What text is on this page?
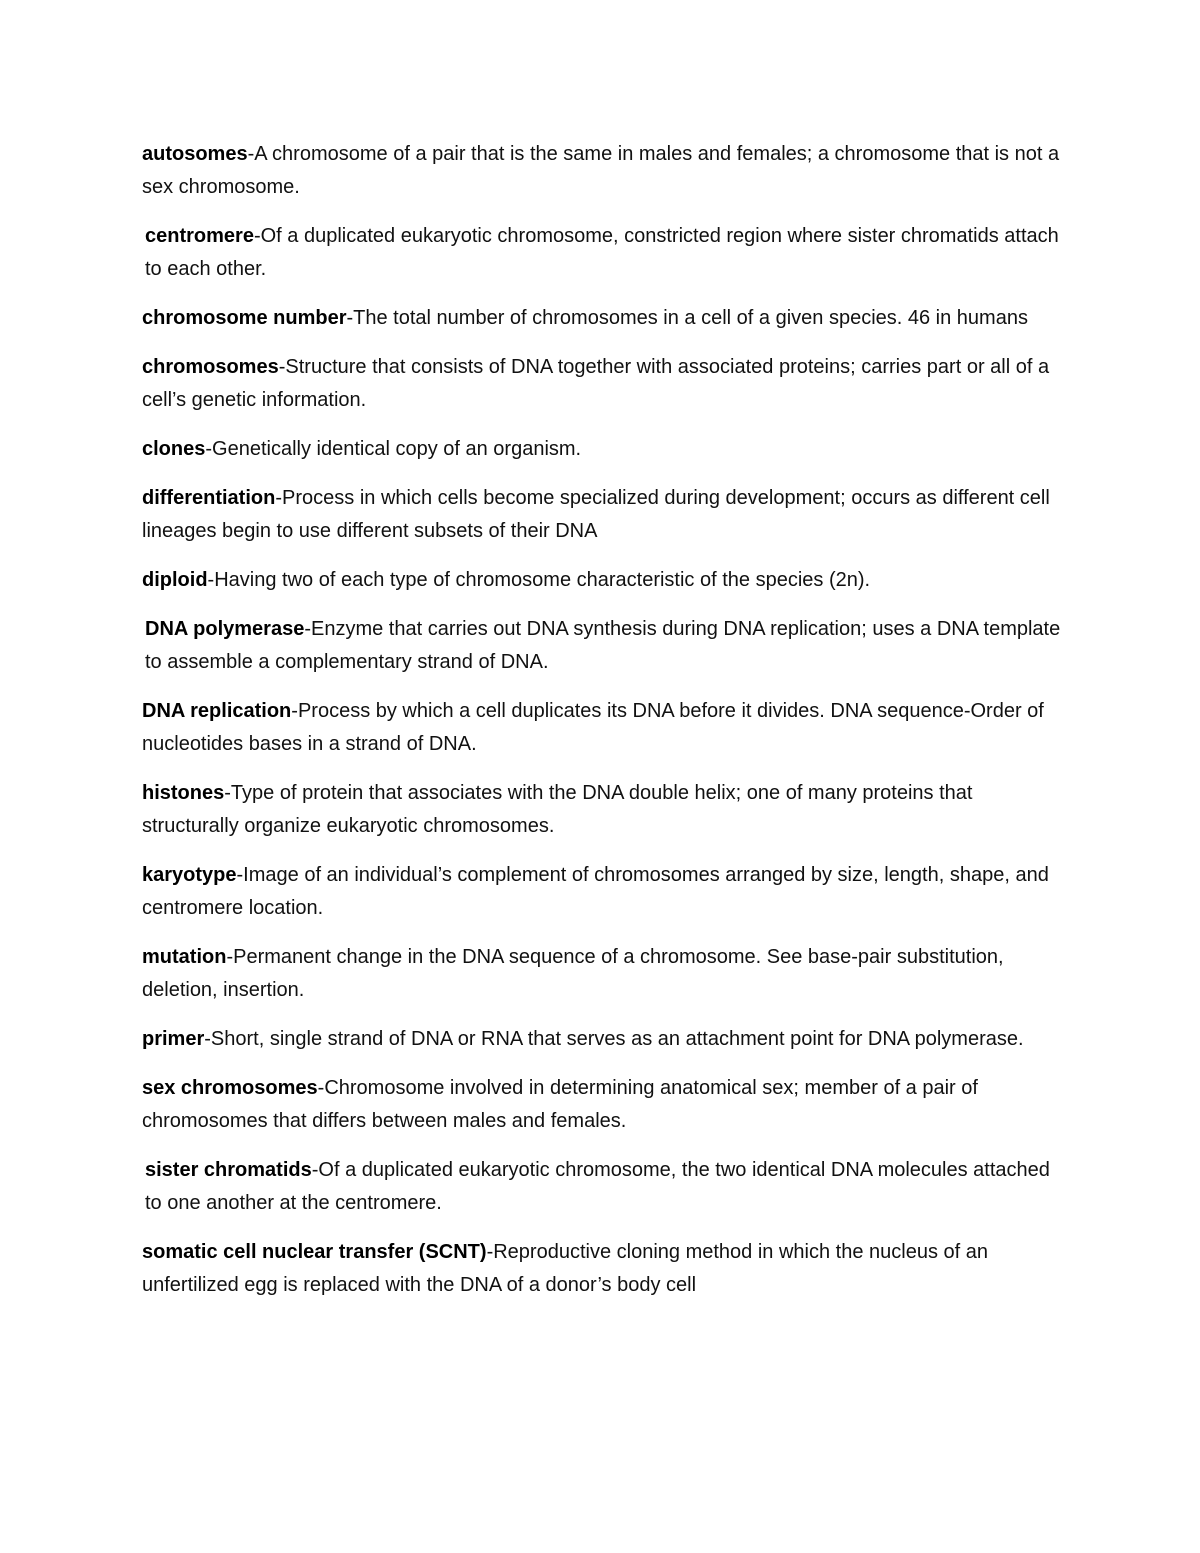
autosomes-A chromosome of a pair that is the same in males and females; a chromosome that is not a sex chromosome.

centromere-Of a duplicated eukaryotic chromosome, constricted region where sister chromatids attach to each other.

chromosome number-The total number of chromosomes in a cell of a given species. 46 in humans

chromosomes-Structure that consists of DNA together with associated proteins; carries part or all of a cell’s genetic information.

clones-Genetically identical copy of an organism.

differentiation-Process in which cells become specialized during development; occurs as different cell lineages begin to use different subsets of their DNA

diploid-Having two of each type of chromosome characteristic of the species (2n).

DNA polymerase-Enzyme that carries out DNA synthesis during DNA replication; uses a DNA template to assemble a complementary strand of DNA.

DNA replication-Process by which a cell duplicates its DNA before it divides. DNA sequence-Order of nucleotides bases in a strand of DNA.

histones-Type of protein that associates with the DNA double helix; one of many proteins that structurally organize eukaryotic chromosomes.

karyotype-Image of an individual’s complement of chromosomes arranged by size, length, shape, and centromere location.

mutation-Permanent change in the DNA sequence of a chromosome. See base-pair substitution, deletion, insertion.

primer-Short, single strand of DNA or RNA that serves as an attachment point for DNA polymerase.

sex chromosomes-Chromosome involved in determining anatomical sex; member of a pair of chromosomes that differs between males and females.

sister chromatids-Of a duplicated eukaryotic chromosome, the two identical DNA molecules attached to one another at the centromere.

somatic cell nuclear transfer (SCNT)-Reproductive cloning method in which the nucleus of an unfertilized egg is replaced with the DNA of a donor’s body cell
